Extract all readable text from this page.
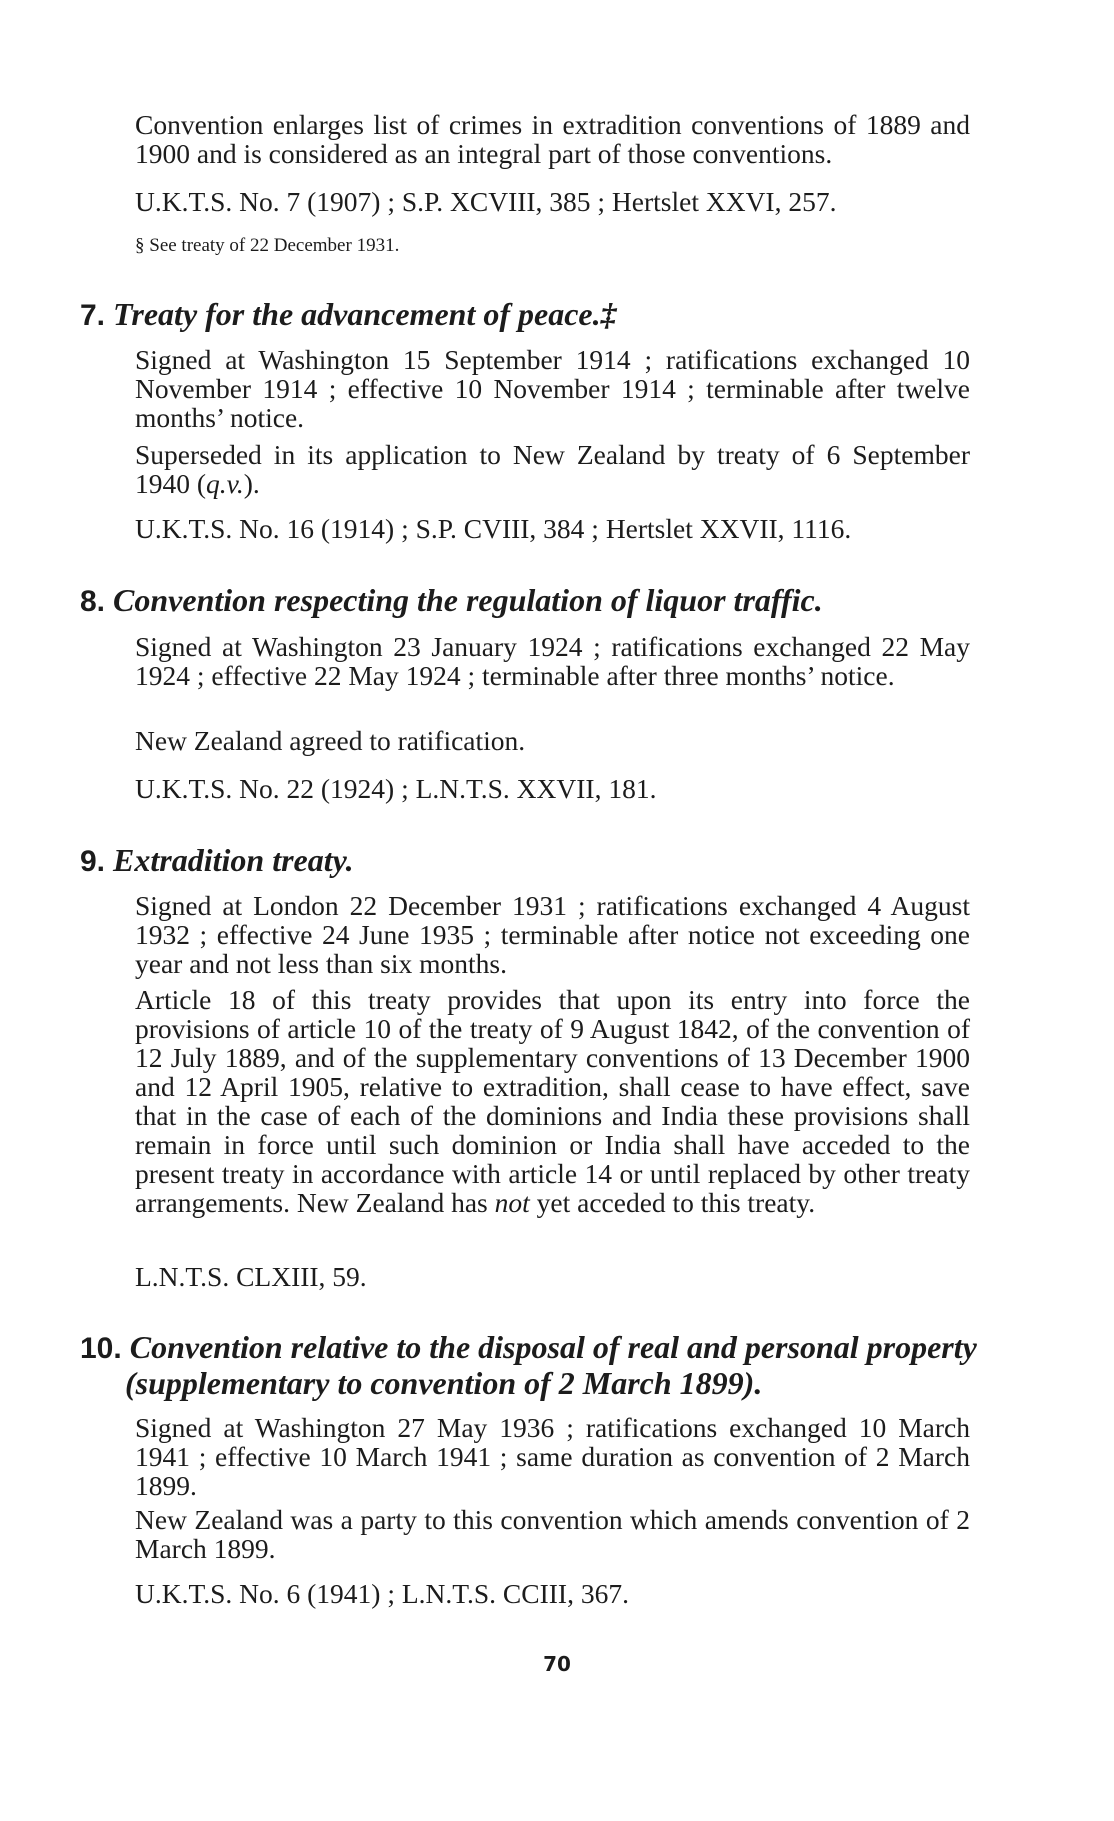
Convention enlarges list of crimes in extradition conventions of 1889 and 1900 and is considered as an integral part of those conventions.

U.K.T.S. No. 7 (1907) ; S.P. XCVIII, 385 ; Hertslet XXVI, 257.

§ See treaty of 22 December 1931.

7. Treaty for the advancement of peace.‡

Signed at Washington 15 September 1914 ; ratifications exchanged 10 November 1914 ; effective 10 November 1914 ; terminable after twelve months’ notice.

Superseded in its application to New Zealand by treaty of 6 September 1940 (q.v.).

U.K.T.S. No. 16 (1914) ; S.P. CVIII, 384 ; Hertslet XXVII, 1116.

8. Convention respecting the regulation of liquor traffic.

Signed at Washington 23 January 1924 ; ratifications exchanged 22 May 1924 ; effective 22 May 1924 ; terminable after three months’ notice.

New Zealand agreed to ratification.

U.K.T.S. No. 22 (1924) ; L.N.T.S. XXVII, 181.

9. Extradition treaty.

Signed at London 22 December 1931 ; ratifications exchanged 4 August 1932 ; effective 24 June 1935 ; terminable after notice not exceeding one year and not less than six months.

Article 18 of this treaty provides that upon its entry into force the provisions of article 10 of the treaty of 9 August 1842, of the convention of 12 July 1889, and of the supplementary conventions of 13 December 1900 and 12 April 1905, relative to extradition, shall cease to have effect, save that in the case of each of the dominions and India these provisions shall remain in force until such dominion or India shall have acceded to the present treaty in accordance with article 14 or until replaced by other treaty arrangements. New Zealand has not yet acceded to this treaty.

L.N.T.S. CLXIII, 59.

10. Convention relative to the disposal of real and personal property
(supplementary to convention of 2 March 1899).

Signed at Washington 27 May 1936 ; ratifications exchanged 10 March 1941 ; effective 10 March 1941 ; same duration as convention of 2 March 1899.

New Zealand was a party to this convention which amends convention of 2 March 1899.

U.K.T.S. No. 6 (1941) ; L.N.T.S. CCIII, 367.

70
